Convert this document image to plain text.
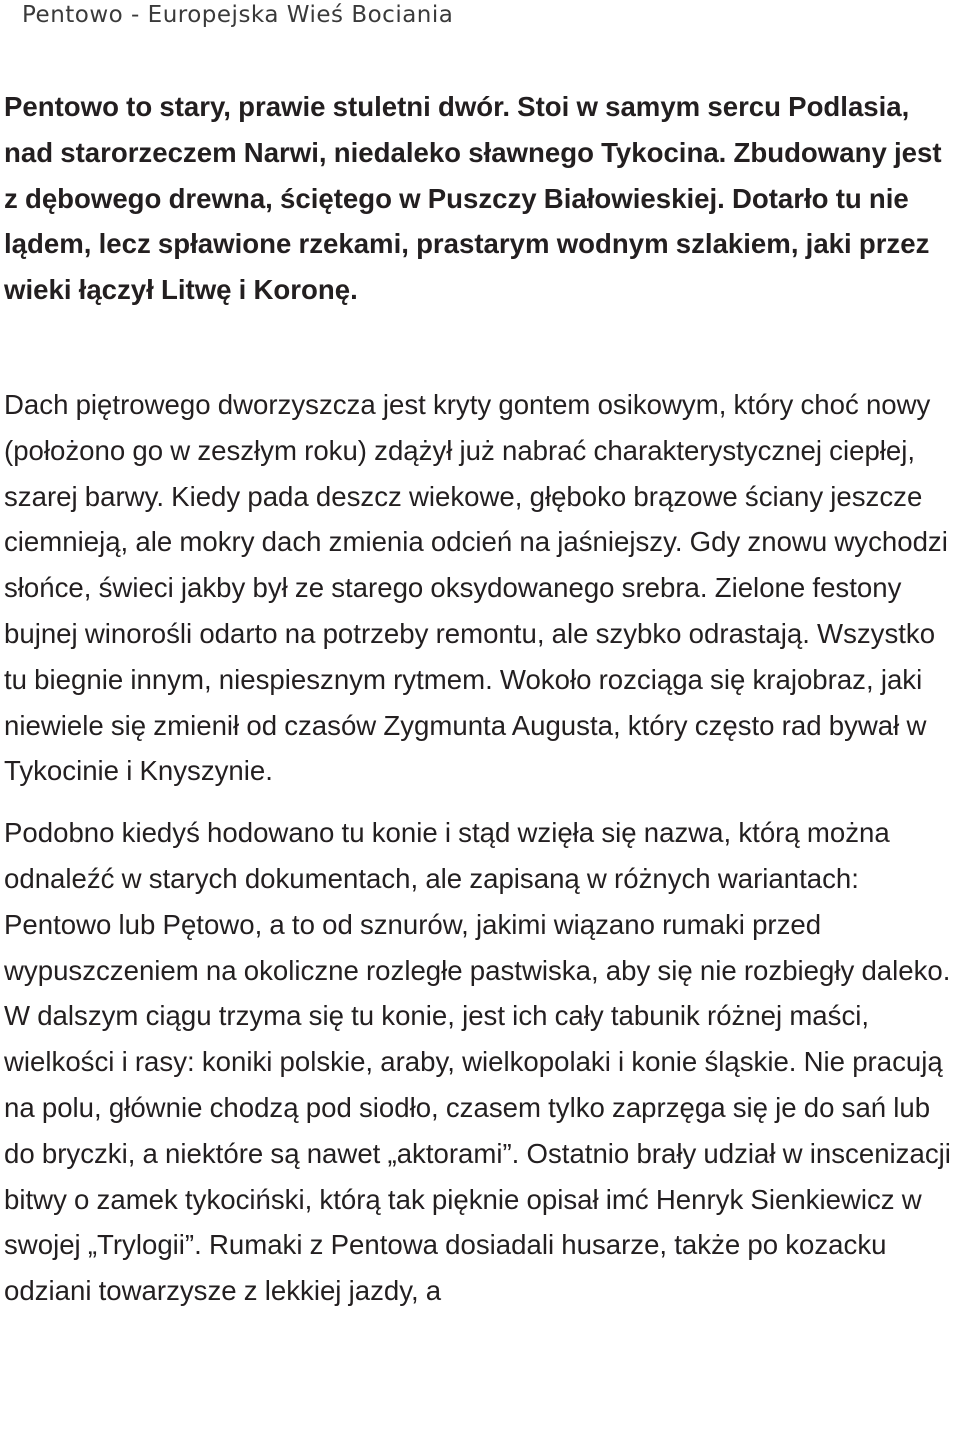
Pentowo - Europejska Wieś Bociania

Pentowo to stary, prawie stuletni dwór. Stoi w samym sercu Podlasia, nad starorzeczem Narwi, niedaleko sławnego Tykocina. Zbudowany jest z dębowego drewna, ściętego w Puszczy Białowieskiej. Dotarło tu nie lądem, lecz spławione rzekami, prastarym wodnym szlakiem, jaki przez wieki łączył Litwę i Koronę.

Dach piętrowego dworzyszcza jest kryty gontem osikowym, który choć nowy (położono go w zeszłym roku) zdążył już nabrać charakterystycznej ciepłej, szarej barwy. Kiedy pada deszcz wiekowe, głęboko brązowe ściany jeszcze ciemnieją, ale mokry dach zmienia odcień na jaśniejszy. Gdy znowu wychodzi słońce, świeci jakby był ze starego oksydowanego srebra. Zielone festony bujnej winorośli odarto na potrzeby remontu, ale szybko odrastają. Wszystko tu biegnie innym, niespiesznym rytmem. Wokoło rozciąga się krajobraz, jaki niewiele się zmienił od czasów Zygmunta Augusta, który często rad bywał w Tykocinie i Knyszynie.

Podobno kiedyś hodowano tu konie i stąd wzięła się nazwa, którą można odnaleźć w starych dokumentach, ale zapisaną w różnych wariantach: Pentowo lub Pętowo, a to od sznurów, jakimi wiązano rumaki przed wypuszczeniem na okoliczne rozległe pastwiska, aby się nie rozbiegły daleko. W dalszym ciągu trzyma się tu konie, jest ich cały tabunik różnej maści, wielkości i rasy: koniki polskie, araby, wielkopolaki i konie śląskie. Nie pracują na polu, głównie chodzą pod siodło, czasem tylko zaprzęga się je do sań lub do bryczki, a niektóre są nawet „aktorami”. Ostatnio brały udział w inscenizacji bitwy o zamek tykociński, którą tak pięknie opisał imć Henryk Sienkiewicz w swojej „Trylogii”. Rumaki z Pentowa dosiadali husarze, także po kozacku odziani towarzysze z lekkiej jazdy, a
